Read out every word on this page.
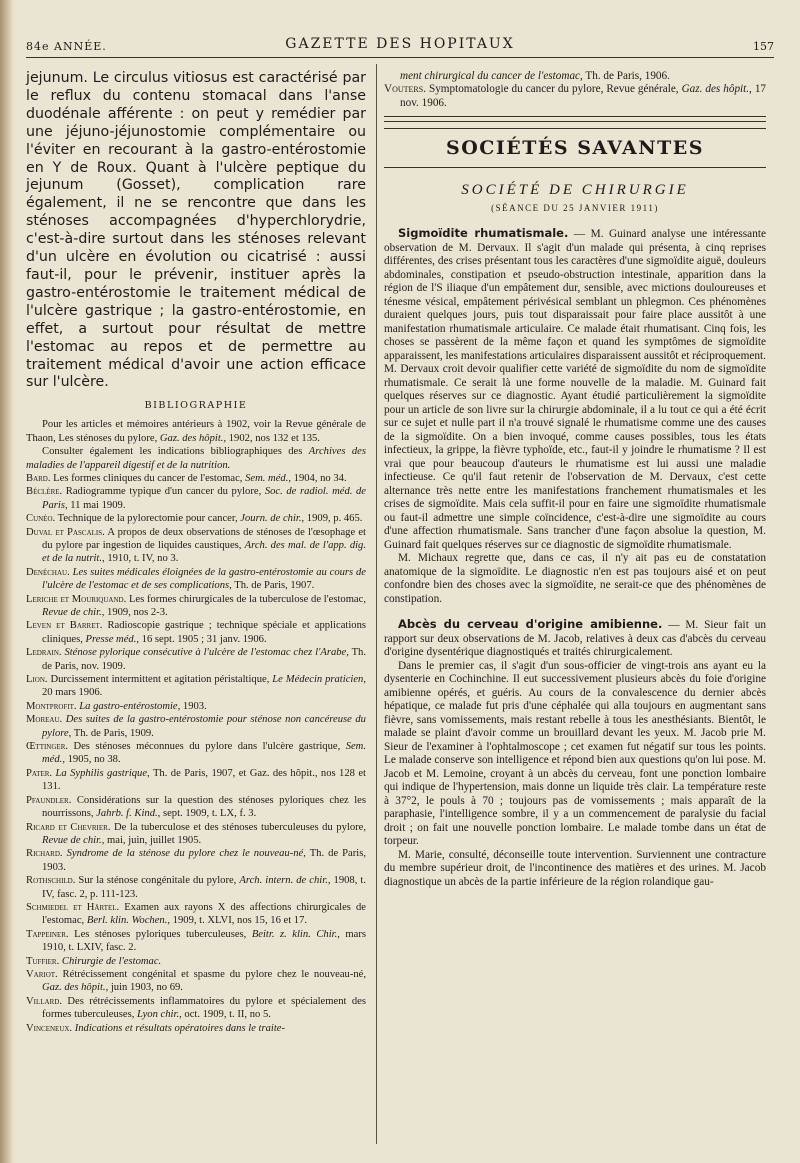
84e ANNÉE.	GAZETTE DES HOPITAUX	157

jejunum. Le circulus vitiosus est caractérisé par le reflux du contenu stomacal dans l'anse duodénale afférente : on peut y remédier par une jéjuno-jéjunostomie complémentaire ou l'éviter en recourant à la gastro-entérostomie en Y de Roux. Quant à l'ulcère peptique du jejunum (Gosset), complication rare également, il ne se rencontre que dans les sténoses accompagnées d'hyperchlorydrie, c'est-à-dire surtout dans les sténoses relevant d'un ulcère en évolution ou cicatrisé : aussi faut-il, pour le prévenir, instituer après la gastro-entérostomie le traitement médical de l'ulcère gastrique ; la gastro-entérostomie, en effet, a surtout pour résultat de mettre l'estomac au repos et de permettre au traitement médical d'avoir une action efficace sur l'ulcère.

BIBLIOGRAPHIE

Pour les articles et mémoires antérieurs à 1902, voir la Revue générale de Thaon, Les sténoses du pylore, Gaz. des hôpit., 1902, nos 132 et 135.

Consulter également les indications bibliographiques des Archives des maladies de l'appareil digestif et de la nutrition.

Bard. Les formes cliniques du cancer de l'estomac, Sem. méd., 1904, no 34.

Béclère. Radiogramme typique d'un cancer du pylore, Soc. de radiol. méd. de Paris, 11 mai 1909.

Cunéo. Technique de la pylorectomie pour cancer, Journ. de chir., 1909, p. 465.

Duval et Pascalis. A propos de deux observations de sténoses de l'œsophage et du pylore par ingestion de liquides caustiques, Arch. des mal. de l'app. dig. et de la nutrit., 1910, t. IV, no 3.

Denéchau. Les suites médicales éloignées de la gastro-entérostomie au cours de l'ulcère de l'estomac et de ses complications, Th. de Paris, 1907.

Leriche et Mouriquand. Les formes chirurgicales de la tuberculose de l'estomac, Revue de chir., 1909, nos 2-3.

Leven et Barret. Radioscopie gastrique ; technique spéciale et applications cliniques, Presse méd., 16 sept. 1905 ; 31 janv. 1906.

Ledrain. Sténose pylorique consécutive à l'ulcère de l'estomac chez l'Arabe, Th. de Paris, nov. 1909.

Lion. Durcissement intermittent et agitation péristaltique, Le Médecin praticien, 20 mars 1906.

Montprofit. La gastro-entérostomie, 1903.

Moreau. Des suites de la gastro-entérostomie pour sténose non cancéreuse du pylore, Th. de Paris, 1909.

Œttinger. Des sténoses méconnues du pylore dans l'ulcère gastrique, Sem. méd., 1905, no 38.

Pater. La Syphilis gastrique, Th. de Paris, 1907, et Gaz. des hôpit., nos 128 et 131.

Pfaundler. Considérations sur la question des sténoses pyloriques chez les nourrissons, Jahrb. f. Kind., sept. 1909, t. LX, f. 3.

Ricard et Chevrier. De la tuberculose et des sténoses tuberculeuses du pylore, Revue de chir., mai, juin, juillet 1905.

Richard. Syndrome de la sténose du pylore chez le nouveau-né, Th. de Paris, 1903.

Rothschild. Sur la sténose congénitale du pylore, Arch. intern. de chir., 1908, t. IV, fasc. 2, p. 111-123.

Schmiedel et Härtel. Examen aux rayons X des affections chirurgicales de l'estomac, Berl. klin. Wochen., 1909, t. XLVI, nos 15, 16 et 17.

Tappeiner. Les sténoses pyloriques tuberculeuses, Beitr. z. klin. Chir., mars 1910, t. LXIV, fasc. 2.

Tuffier. Chirurgie de l'estomac.

Variot. Rétrécissement congénital et spasme du pylore chez le nouveau-né, Gaz. des hôpit., juin 1903, no 69.

Villard. Des rétrécissements inflammatoires du pylore et spécialement des formes tuberculeuses, Lyon chir., oct. 1909, t. II, no 5.

Vinceneux. Indications et résultats opératoires dans le traite-

ment chirurgical du cancer de l'estomac, Th. de Paris, 1906.

Vouters. Symptomatologie du cancer du pylore, Revue générale, Gaz. des hôpit., 17 nov. 1906.

SOCIÉTÉS SAVANTES
SOCIÉTÉ DE CHIRURGIE
(SÉANCE DU 25 JANVIER 1911)

Sigmoïdite rhumatismale. — M. Guinard analyse une intéressante observation de M. Dervaux. Il s'agit d'un malade qui présenta, à cinq reprises différentes, des crises présentant tous les caractères d'une sigmoïdite aiguë, douleurs abdominales, constipation et pseudo-obstruction intestinale, apparition dans la région de l'S iliaque d'un empâtement dur, sensible, avec mictions douloureuses et ténesme vésical, empâtement périvésical semblant un phlegmon. Ces phénomènes duraient quelques jours, puis tout disparaissait pour faire place aussitôt à une manifestation rhumatismale articulaire. Ce malade était rhumatisant. Cinq fois, les choses se passèrent de la même façon et quand les symptômes de sigmoïdite apparaissent, les manifestations articulaires disparaissent aussitôt et réciproquement. M. Dervaux croit devoir qualifier cette variété de sigmoïdite du nom de sigmoïdite rhumatismale. Ce serait là une forme nouvelle de la maladie. M. Guinard fait quelques réserves sur ce diagnostic. Ayant étudié particulièrement la sigmoïdite pour un article de son livre sur la chirurgie abdominale, il a lu tout ce qui a été écrit sur ce sujet et nulle part il n'a trouvé signalé le rhumatisme comme une des causes de la sigmoïdite. On a bien invoqué, comme causes possibles, tous les états infectieux, la grippe, la fièvre typhoïde, etc., faut-il y joindre le rhumatisme ? Il est vrai que pour beaucoup d'auteurs le rhumatisme est lui aussi une maladie infectieuse. Ce qu'il faut retenir de l'observation de M. Dervaux, c'est cette alternance très nette entre les manifestations franchement rhumatismales et les crises de sigmoïdite. Mais cela suffit-il pour en faire une sigmoïdite rhumatismale ou faut-il admettre une simple coïncidence, c'est-à-dire une sigmoïdite au cours d'une affection rhumatismale. Sans trancher d'une façon absolue la question, M. Guinard fait quelques réserves sur ce diagnostic de sigmoïdite rhumatismale.

M. Michaux regrette que, dans ce cas, il n'y ait pas eu de constatation anatomique de la sigmoïdite. Le diagnostic n'en est pas toujours aisé et on peut confondre bien des choses avec la sigmoïdite, ne serait-ce que des phénomènes de constipation.

Abcès du cerveau d'origine amibienne. — M. Sieur fait un rapport sur deux observations de M. Jacob, relatives à deux cas d'abcès du cerveau d'origine dysentérique diagnostiqués et traités chirurgicalement.

Dans le premier cas, il s'agit d'un sous-officier de vingt-trois ans ayant eu la dysenterie en Cochinchine. Il eut successivement plusieurs abcès du foie d'origine amibienne opérés, et guéris. Au cours de la convalescence du dernier abcès hépatique, ce malade fut pris d'une céphalée qui alla toujours en augmentant sans fièvre, sans vomissements, mais restant rebelle à tous les anesthésiants. Bientôt, le malade se plaint d'avoir comme un brouillard devant les yeux. M. Jacob prie M. Sieur de l'examiner à l'ophtalmoscope ; cet examen fut négatif sur tous les points. Le malade conserve son intelligence et répond bien aux questions qu'on lui pose. M. Jacob et M. Lemoine, croyant à un abcès du cerveau, font une ponction lombaire qui indique de l'hypertension, mais donne un liquide très clair. La température reste à 37°2, le pouls à 70 ; toujours pas de vomissements ; mais apparaît de la paraphasie, l'intelligence sombre, il y a un commencement de paralysie du facial droit ; on fait une nouvelle ponction lombaire. Le malade tombe dans un état de torpeur.

M. Marie, consulté, déconseille toute intervention. Surviennent une contracture du membre supérieur droit, de l'incontinence des matières et des urines. M. Jacob diagnostique un abcès de la partie inférieure de la région rolandique gau-
